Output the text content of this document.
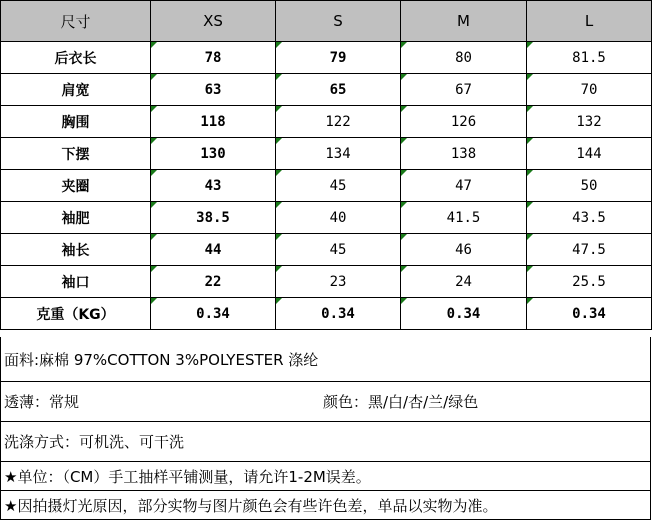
尺寸	XS	S	M	L
后衣长	78	79	80	81.5
肩宽	63	65	67	70
胸围	118	122	126	132
下摆	130	134	138	144
夹圈	43	45	47	50
袖肥	38.5	40	41.5	43.5
袖长	44	45	46	47.5
袖口	22	23	24	25.5
克重（KG）	0.34	0.34	0.34	0.34
面料:麻棉 97%COTTON 3%POLYESTER 涤纶
透薄：常规	颜色：黑/白/杏/兰/绿色
洗涤方式：可机洗、可干洗
★单位：（CM）手工抽样平铺测量，请允许1-2M误差。
★因拍摄灯光原因，部分实物与图片颜色会有些许色差，单品以实物为准。
